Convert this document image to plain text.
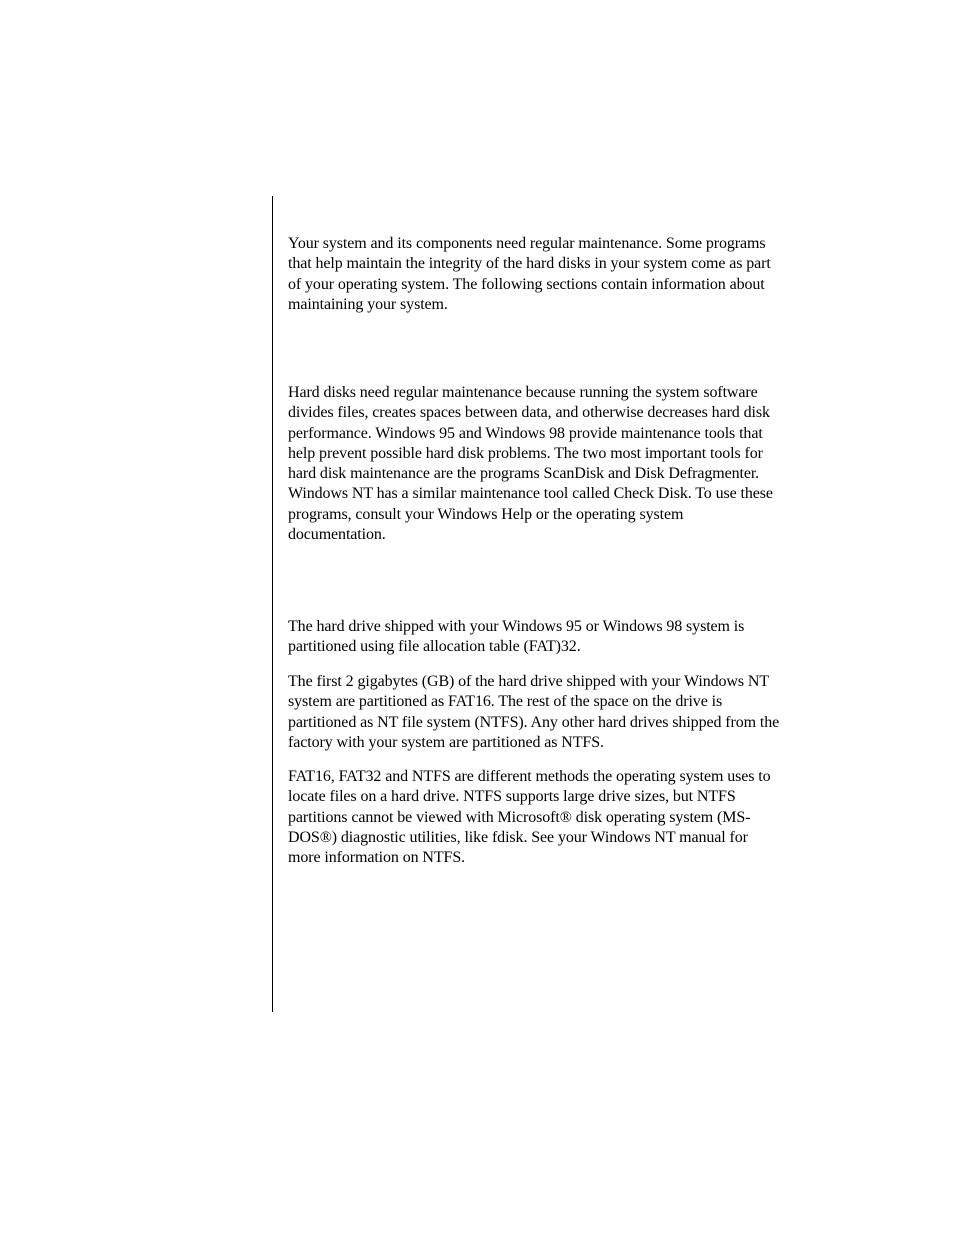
Your system and its components need regular maintenance. Some programs that help maintain the integrity of the hard disks in your system come as part of your operating system. The following sections contain information about maintaining your system.

Hard disks need regular maintenance because running the system software divides files, creates spaces between data, and otherwise decreases hard disk performance. Windows 95 and Windows 98 provide maintenance tools that help prevent possible hard disk problems. The two most important tools for hard disk maintenance are the programs ScanDisk and Disk Defragmenter. Windows NT has a similar maintenance tool called Check Disk. To use these programs, consult your Windows Help or the operating system documentation.

The hard drive shipped with your Windows 95 or Windows 98 system is partitioned using file allocation table (FAT)32.

The first 2 gigabytes (GB) of the hard drive shipped with your Windows NT system are partitioned as FAT16. The rest of the space on the drive is partitioned as NT file system (NTFS). Any other hard drives shipped from the factory with your system are partitioned as NTFS.

FAT16, FAT32 and NTFS are different methods the operating system uses to locate files on a hard drive. NTFS supports large drive sizes, but NTFS partitions cannot be viewed with Microsoft® disk operating system (MS-DOS®) diagnostic utilities, like fdisk. See your Windows NT manual for more information on NTFS.
